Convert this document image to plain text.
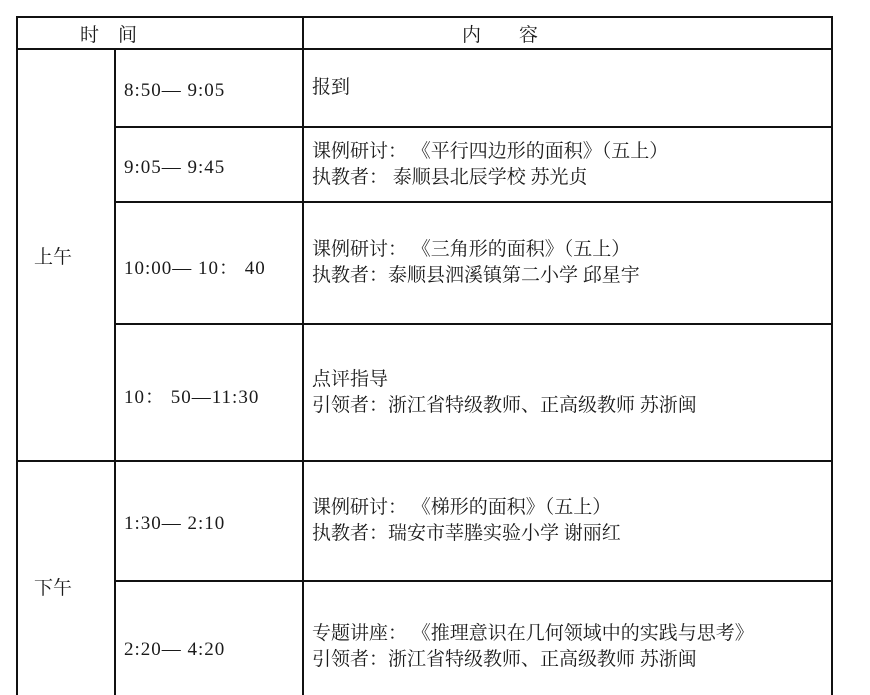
时　间		内　　容
上午	8:50— 9:05	报到

	9:05— 9:45	课例研讨： 《平行四边形的面积》（五上）
执教者： 泰顺县北辰学校 苏光贞

	10:00— 10： 40	课例研讨： 《三角形的面积》（五上）
执教者：泰顺县泗溪镇第二小学 邱星宇

	10： 50—11:30	点评指导
引领者：浙江省特级教师、正高级教师 苏浙闽

下午	1:30— 2:10	课例研讨： 《梯形的面积》（五上）
执教者：瑞安市莘塍实验小学 谢丽红

	2:20— 4:20	专题讲座： 《推理意识在几何领域中的实践与思考》
引领者：浙江省特级教师、正高级教师 苏浙闽
